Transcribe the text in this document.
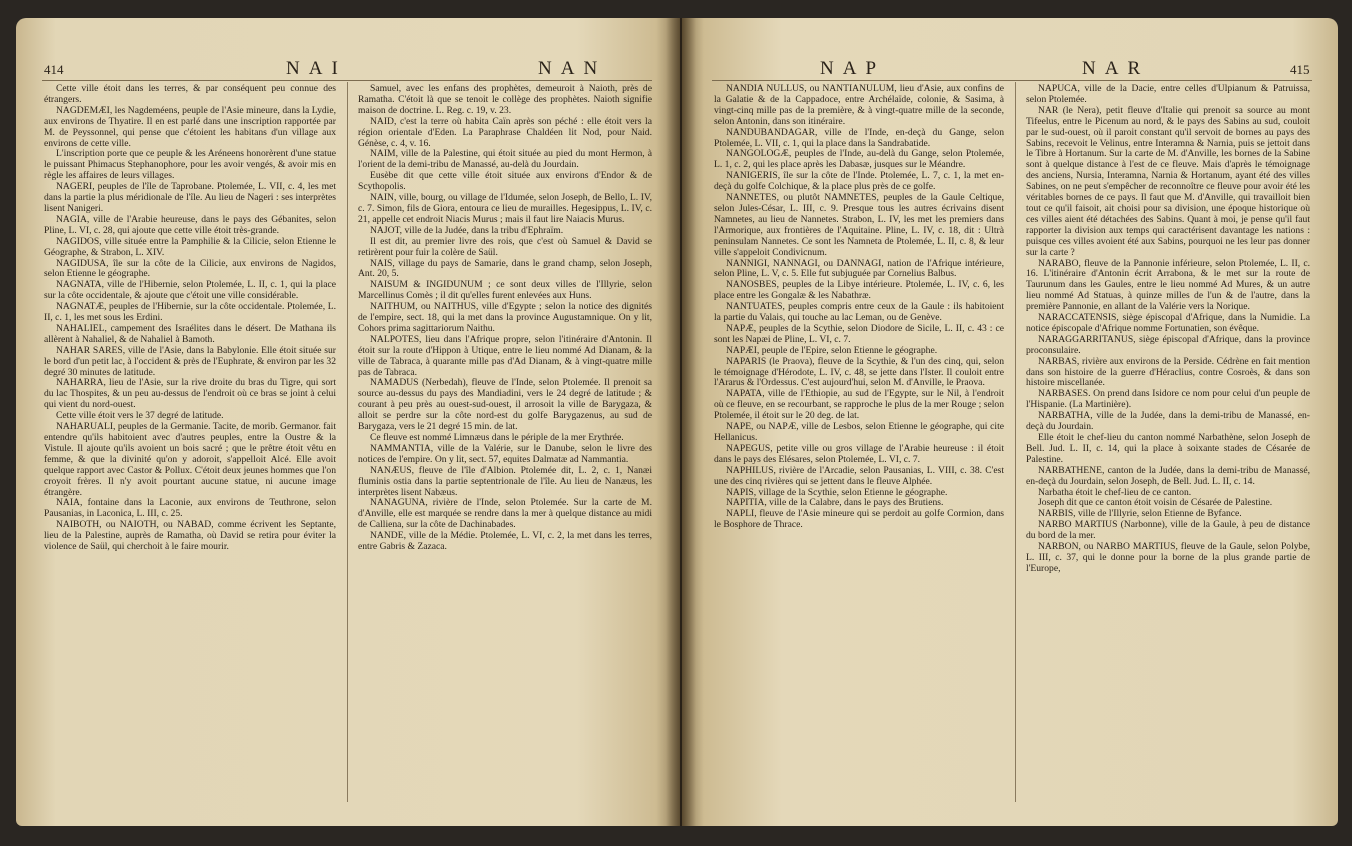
414	NAI	NAN

Cette ville étoit dans les terres, & par conséquent peu connue des étrangers.

NAGDEMÆI, les Nagdeméens, peuple de l'Asie mineure, dans la Lydie, aux environs de Thyatire. Il en est parlé dans une inscription rapportée par M. de Peyssonnel, qui pense que c'étoient les habitans d'un village aux environs de cette ville.

L'inscription porte que ce peuple & les Aréneens honorèrent d'une statue le puissant Phimacus Stephanophore, pour les avoir vengés, & avoir mis en règle les affaires de leurs villages.

NAGERI, peuples de l'île de Taprobane. Ptolemée, L. VII, c. 4, les met dans la partie la plus méridionale de l'île. Au lieu de Nageri : ses interprètes lisent Nanigeri.

NAGIA, ville de l'Arabie heureuse, dans le pays des Gébanites, selon Pline, L. VI, c. 28, qui ajoute que cette ville étoit très-grande.

NAGIDOS, ville située entre la Pamphilie & la Cilicie, selon Etienne le Géographe, & Strabon, L. XIV.

NAGIDUSA, île sur la côte de la Cilicie, aux environs de Nagidos, selon Etienne le géographe.

NAGNATA, ville de l'Hibernie, selon Ptolemée, L. II, c. 1, qui la place sur la côte occidentale, & ajoute que c'étoit une ville considérable.

NAGNATÆ, peuples de l'Hibernie, sur la côte occidentale. Ptolemée, L. II, c. 1, les met sous les Erdini.

NAHALIEL, campement des Israélites dans le désert. De Mathana ils allèrent à Nahaliel, & de Nahaliel à Bamoth.

NAHAR SARES, ville de l'Asie, dans la Babylonie. Elle étoit située sur le bord d'un petit lac, à l'occident & près de l'Euphrate, & environ par les 32 degré 30 minutes de latitude.

NAHARRA, lieu de l'Asie, sur la rive droite du bras du Tigre, qui sort du lac Thospites, & un peu au-dessus de l'endroit où ce bras se joint à celui qui vient du nord-ouest.

Cette ville étoit vers le 37 degré de latitude.

NAHARUALI, peuples de la Germanie. Tacite, de morib. Germanor. fait entendre qu'ils habitoient avec d'autres peuples, entre la Oustre & la Vistule. Il ajoute qu'ils avoient un bois sacré ; que le prêtre étoit vêtu en femme, & que la divinité qu'on y adoroit, s'appelloit Alcé. Elle avoit quelque rapport avec Castor & Pollux. C'étoit deux jeunes hommes que l'on croyoit frères. Il n'y avoit pourtant aucune statue, ni aucune image étrangère.

NAIA, fontaine dans la Laconie, aux environs de Teuthrone, selon Pausanias, in Laconica, L. III, c. 25.

NAIBOTH, ou NAIOTH, ou NABAD, comme écrivent les Septante, lieu de la Palestine, auprès de Ramatha, où David se retira pour éviter la violence de Saül, qui cherchoit à le faire mourir.

Samuel, avec les enfans des prophètes, demeuroit à Naioth, près de Ramatha. C'étoit là que se tenoit le collège des prophètes. Naioth signifie maison de doctrine. L. Reg. c. 19, v. 23.

NAID, c'est la terre où habita Caïn après son péché : elle étoit vers la région orientale d'Eden. La Paraphrase Chaldéen lit Nod, pour Naid. Génèse, c. 4, v. 16.

NAIM, ville de la Palestine, qui étoit située au pied du mont Hermon, à l'orient de la demi-tribu de Manassé, au-delà du Jourdain.

Eusèbe dit que cette ville étoit située aux environs d'Endor & de Scythopolis.

NAIN, ville, bourg, ou village de l'Idumée, selon Joseph, de Bello, L. IV, c. 7. Simon, fils de Giora, entoura ce lieu de murailles. Hegesippus, L. IV, c. 21, appelle cet endroit Niacis Murus ; mais il faut lire Naiacis Murus.

NAJOT, ville de la Judée, dans la tribu d'Ephraïm.

Il est dit, au premier livre des rois, que c'est où Samuel & David se retirèrent pour fuir la colère de Saül.

NAIS, village du pays de Samarie, dans le grand champ, selon Joseph, Ant. 20, 5.

NAISUM & INGIDUNUM ; ce sont deux villes de l'Illyrie, selon Marcellinus Comès ; il dit qu'elles furent enlevées aux Huns.

NAITHUM, ou NAITHUS, ville d'Egypte ; selon la notice des dignités de l'empire, sect. 18, qui la met dans la province Augustamnique. On y lit, Cohors prima sagittariorum Naithu.

NALPOTES, lieu dans l'Afrique propre, selon l'itinéraire d'Antonin. Il étoit sur la route d'Hippon à Utique, entre le lieu nommé Ad Dianam, & la ville de Tabraca, à quarante mille pas d'Ad Dianam, & à vingt-quatre mille pas de Tabraca.

NAMADUS (Nerbedah), fleuve de l'Inde, selon Ptolemée. Il prenoit sa source au-dessus du pays des Mandiadini, vers le 24 degré de latitude ; & courant à peu près au ouest-sud-ouest, il arrosoit la ville de Barygaza, & alloit se perdre sur la côte nord-est du golfe Barygazenus, au sud de Barygaza, vers le 21 degré 15 min. de lat.

Ce fleuve est nommé Limnæus dans le périple de la mer Erythrée.

NAMMANTIA, ville de la Valérie, sur le Danube, selon le livre des notices de l'empire. On y lit, sect. 57, equites Dalmatæ ad Nammantia.

NANÆUS, fleuve de l'île d'Albion. Ptolemée dit, L. 2, c. 1, Nanæi fluminis ostia dans la partie septentrionale de l'île. Au lieu de Nanæus, les interprètes lisent Nabæus.

NANAGUNA, rivière de l'Inde, selon Ptolemée. Sur la carte de M. d'Anville, elle est marquée se rendre dans la mer à quelque distance au midi de Calliena, sur la côte de Dachinabades.

NANDE, ville de la Médie. Ptolemée, L. VI, c. 2, la met dans les terres, entre Gabris & Zazaca.

NAP	NAR	415

NANDIA NULLUS, ou NANTIANULUM, lieu d'Asie, aux confins de la Galatie & de la Cappadoce, entre Archélaïde, colonie, & Sasima, à vingt-cinq mille pas de la première, & à vingt-quatre mille de la seconde, selon Antonin, dans son itinéraire.

NANDUBANDAGAR, ville de l'Inde, en-deçà du Gange, selon Ptolemée, L. VII, c. 1, qui la place dans la Sandrabatide.

NANGOLOGÆ, peuples de l'Inde, au-delà du Gange, selon Ptolemée, L. 1, c. 2, qui les place après les Dabasæ, jusques sur le Méandre.

NANIGERIS, île sur la côte de l'Inde. Ptolemée, L. 7, c. 1, la met en-deçà du golfe Colchique, & la place plus près de ce golfe.

NANNETES, ou plutôt NAMNETES, peuples de la Gaule Celtique, selon Jules-César, L. III, c. 9. Presque tous les autres écrivains disent Namnetes, au lieu de Nannetes. Strabon, L. IV, les met les premiers dans l'Armorique, aux frontières de l'Aquitaine. Pline, L. IV, c. 18, dit : Ultrà peninsulam Nannetes. Ce sont les Namneta de Ptolemée, L. II, c. 8, & leur ville s'appeloit Condivicnum.

NANNIGI, NANNAGI, ou DANNAGI, nation de l'Afrique intérieure, selon Pline, L. V, c. 5. Elle fut subjuguée par Cornelius Balbus.

NANOSBES, peuples de la Libye intérieure. Ptolemée, L. IV, c. 6, les place entre les Gongalæ & les Nabathræ.

NANTUATES, peuples compris entre ceux de la Gaule : ils habitoient la partie du Valais, qui touche au lac Leman, ou de Genève.

NAPÆ, peuples de la Scythie, selon Diodore de Sicile, L. II, c. 43 : ce sont les Napæi de Pline, L. VI, c. 7.

NAPÆI, peuple de l'Epire, selon Etienne le géographe.

NAPARIS (le Praova), fleuve de la Scythie, & l'un des cinq, qui, selon le témoignage d'Hérodote, L. IV, c. 48, se jette dans l'Ister. Il couloit entre l'Ararus & l'Ordessus. C'est aujourd'hui, selon M. d'Anville, le Praova.

NAPATA, ville de l'Ethiopie, au sud de l'Egypte, sur le Nil, à l'endroit où ce fleuve, en se recourbant, se rapproche le plus de la mer Rouge ; selon Ptolemée, il étoit sur le 20 deg. de lat.

NAPE, ou NAPÆ, ville de Lesbos, selon Etienne le géographe, qui cite Hellanicus.

NAPEGUS, petite ville ou gros village de l'Arabie heureuse : il étoit dans le pays des Elésares, selon Ptolemée, L. VI, c. 7.

NAPHILUS, rivière de l'Arcadie, selon Pausanias, L. VIII, c. 38. C'est une des cinq rivières qui se jettent dans le fleuve Alphée.

NAPIS, village de la Scythie, selon Etienne le géographe.

NAPITIA, ville de la Calabre, dans le pays des Brutiens.

NAPLI, fleuve de l'Asie mineure qui se perdoit au golfe Cormion, dans le Bosphore de Thrace.

NAPUCA, ville de la Dacie, entre celles d'Ulpianum & Patruissa, selon Ptolemée.

NAR (le Nera), petit fleuve d'Italie qui prenoit sa source au mont Tifeelus, entre le Picenum au nord, & le pays des Sabins au sud, couloit par le sud-ouest, où il paroit constant qu'il servoit de bornes au pays des Sabins, recevoit le Velinus, entre Interamna & Narnia, puis se jettoit dans le Tibre à Hortanum. Sur la carte de M. d'Anville, les bornes de la Sabine sont à quelque distance à l'est de ce fleuve. Mais d'après le témoignage des anciens, Nursia, Interamna, Narnia & Hortanum, ayant été des villes Sabines, on ne peut s'empêcher de reconnoître ce fleuve pour avoir été les véritables bornes de ce pays. Il faut que M. d'Anville, qui travailloit bien tout ce qu'il faisoit, ait choisi pour sa division, une époque historique où ces villes aient été détachées des Sabins. Quant à moi, je pense qu'il faut rapporter la division aux temps qui caractérisent davantage les nations : puisque ces villes avoient été aux Sabins, pourquoi ne les leur pas donner sur la carte ?

NARABO, fleuve de la Pannonie inférieure, selon Ptolemée, L. II, c. 16. L'itinéraire d'Antonin écrit Arrabona, & le met sur la route de Taurunum dans les Gaules, entre le lieu nommé Ad Mures, & un autre lieu nommé Ad Statuas, à quinze milles de l'un & de l'autre, dans la première Pannonie, en allant de la Valérie vers la Norique.

NARACCATENSIS, siège épiscopal d'Afrique, dans la Numidie. La notice épiscopale d'Afrique nomme Fortunatien, son évêque.

NARAGGARRITANUS, siège épiscopal d'Afrique, dans la province proconsulaire.

NARBAS, rivière aux environs de la Perside. Cédrène en fait mention dans son histoire de la guerre d'Héraclius, contre Cosroès, & dans son histoire miscellanée.

NARBASES. On prend dans Isidore ce nom pour celui d'un peuple de l'Hispanie. (La Martinière).

NARBATHA, ville de la Judée, dans la demi-tribu de Manassé, en-deçà du Jourdain.

Elle étoit le chef-lieu du canton nommé Narbathène, selon Joseph de Bell. Jud. L. II, c. 14, qui la place à soixante stades de Césarée de Palestine.

NARBATHENE, canton de la Judée, dans la demi-tribu de Manassé, en-deçà du Jourdain, selon Joseph, de Bell. Jud. L. II, c. 14.

Narbatha étoit le chef-lieu de ce canton.

Joseph dit que ce canton étoit voisin de Césarée de Palestine.

NARBIS, ville de l'Illyrie, selon Etienne de Byfance.

NARBO MARTIUS (Narbonne), ville de la Gaule, à peu de distance du bord de la mer.

NARBON, ou NARBO MARTIUS, fleuve de la Gaule, selon Polybe, L. III, c. 37, qui le donne pour la borne de la plus grande partie de l'Europe,
